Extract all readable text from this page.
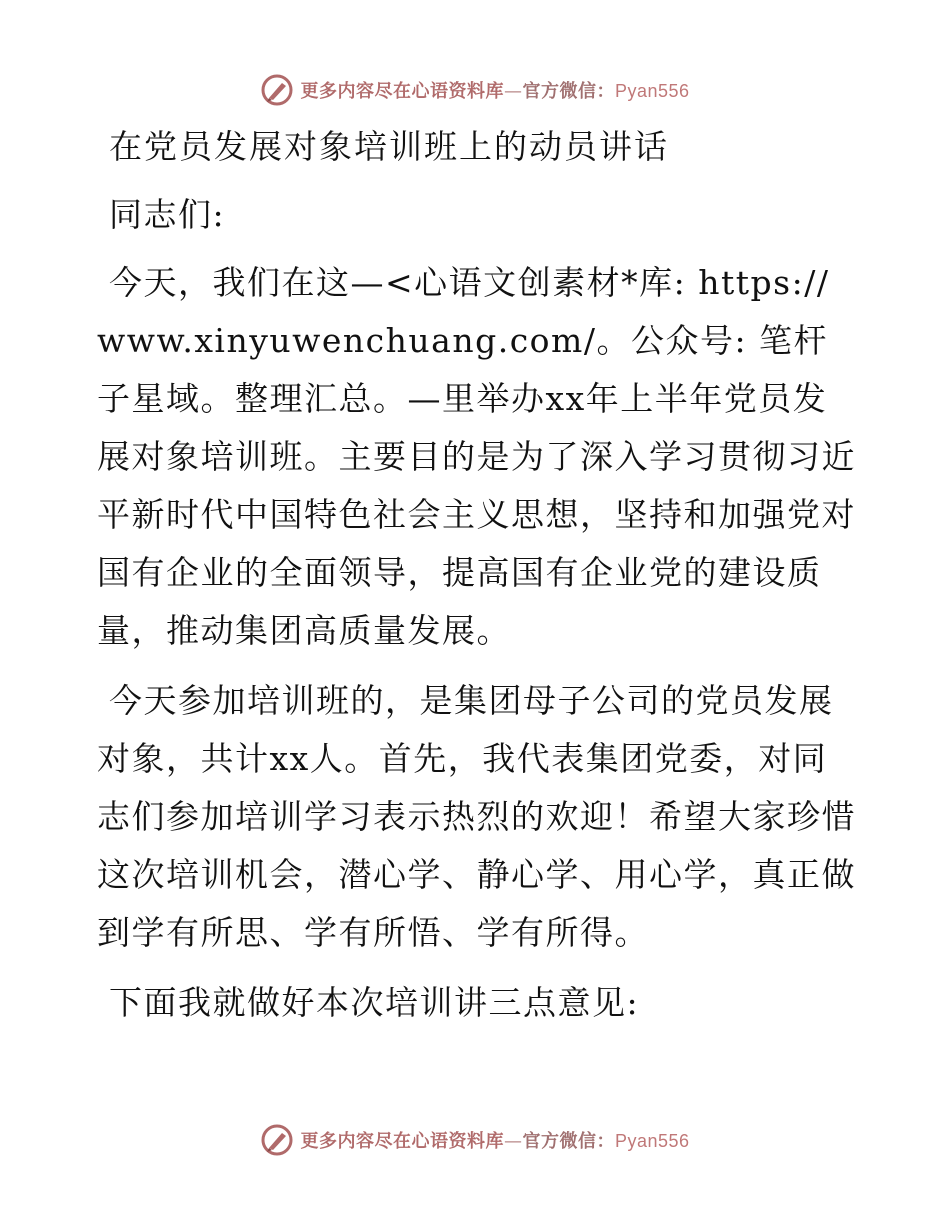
更多内容尽在心语资料库—官方微信：Pyan556
在党员发展对象培训班上的动员讲话
同志们:
今天，我们在这—<心语文创素材*库: https://www.xinyuwenchuang.com/。公众号: 笔杆子星域。整理汇总。—里举办xx年上半年党员发展对象培训班。主要目的是为了深入学习贯彻习近平新时代中国特色社会主义思想，坚持和加强党对国有企业的全面领导，提高国有企业党的建设质量，推动集团高质量发展。
今天参加培训班的，是集团母子公司的党员发展对象，共计xx人。首先，我代表集团党委，对同志们参加培训学习表示热烈的欢迎！希望大家珍惜这次培训机会，潜心学、静心学、用心学，真正做到学有所思、学有所悟、学有所得。
下面我就做好本次培训讲三点意见:
更多内容尽在心语资料库—官方微信：Pyan556
